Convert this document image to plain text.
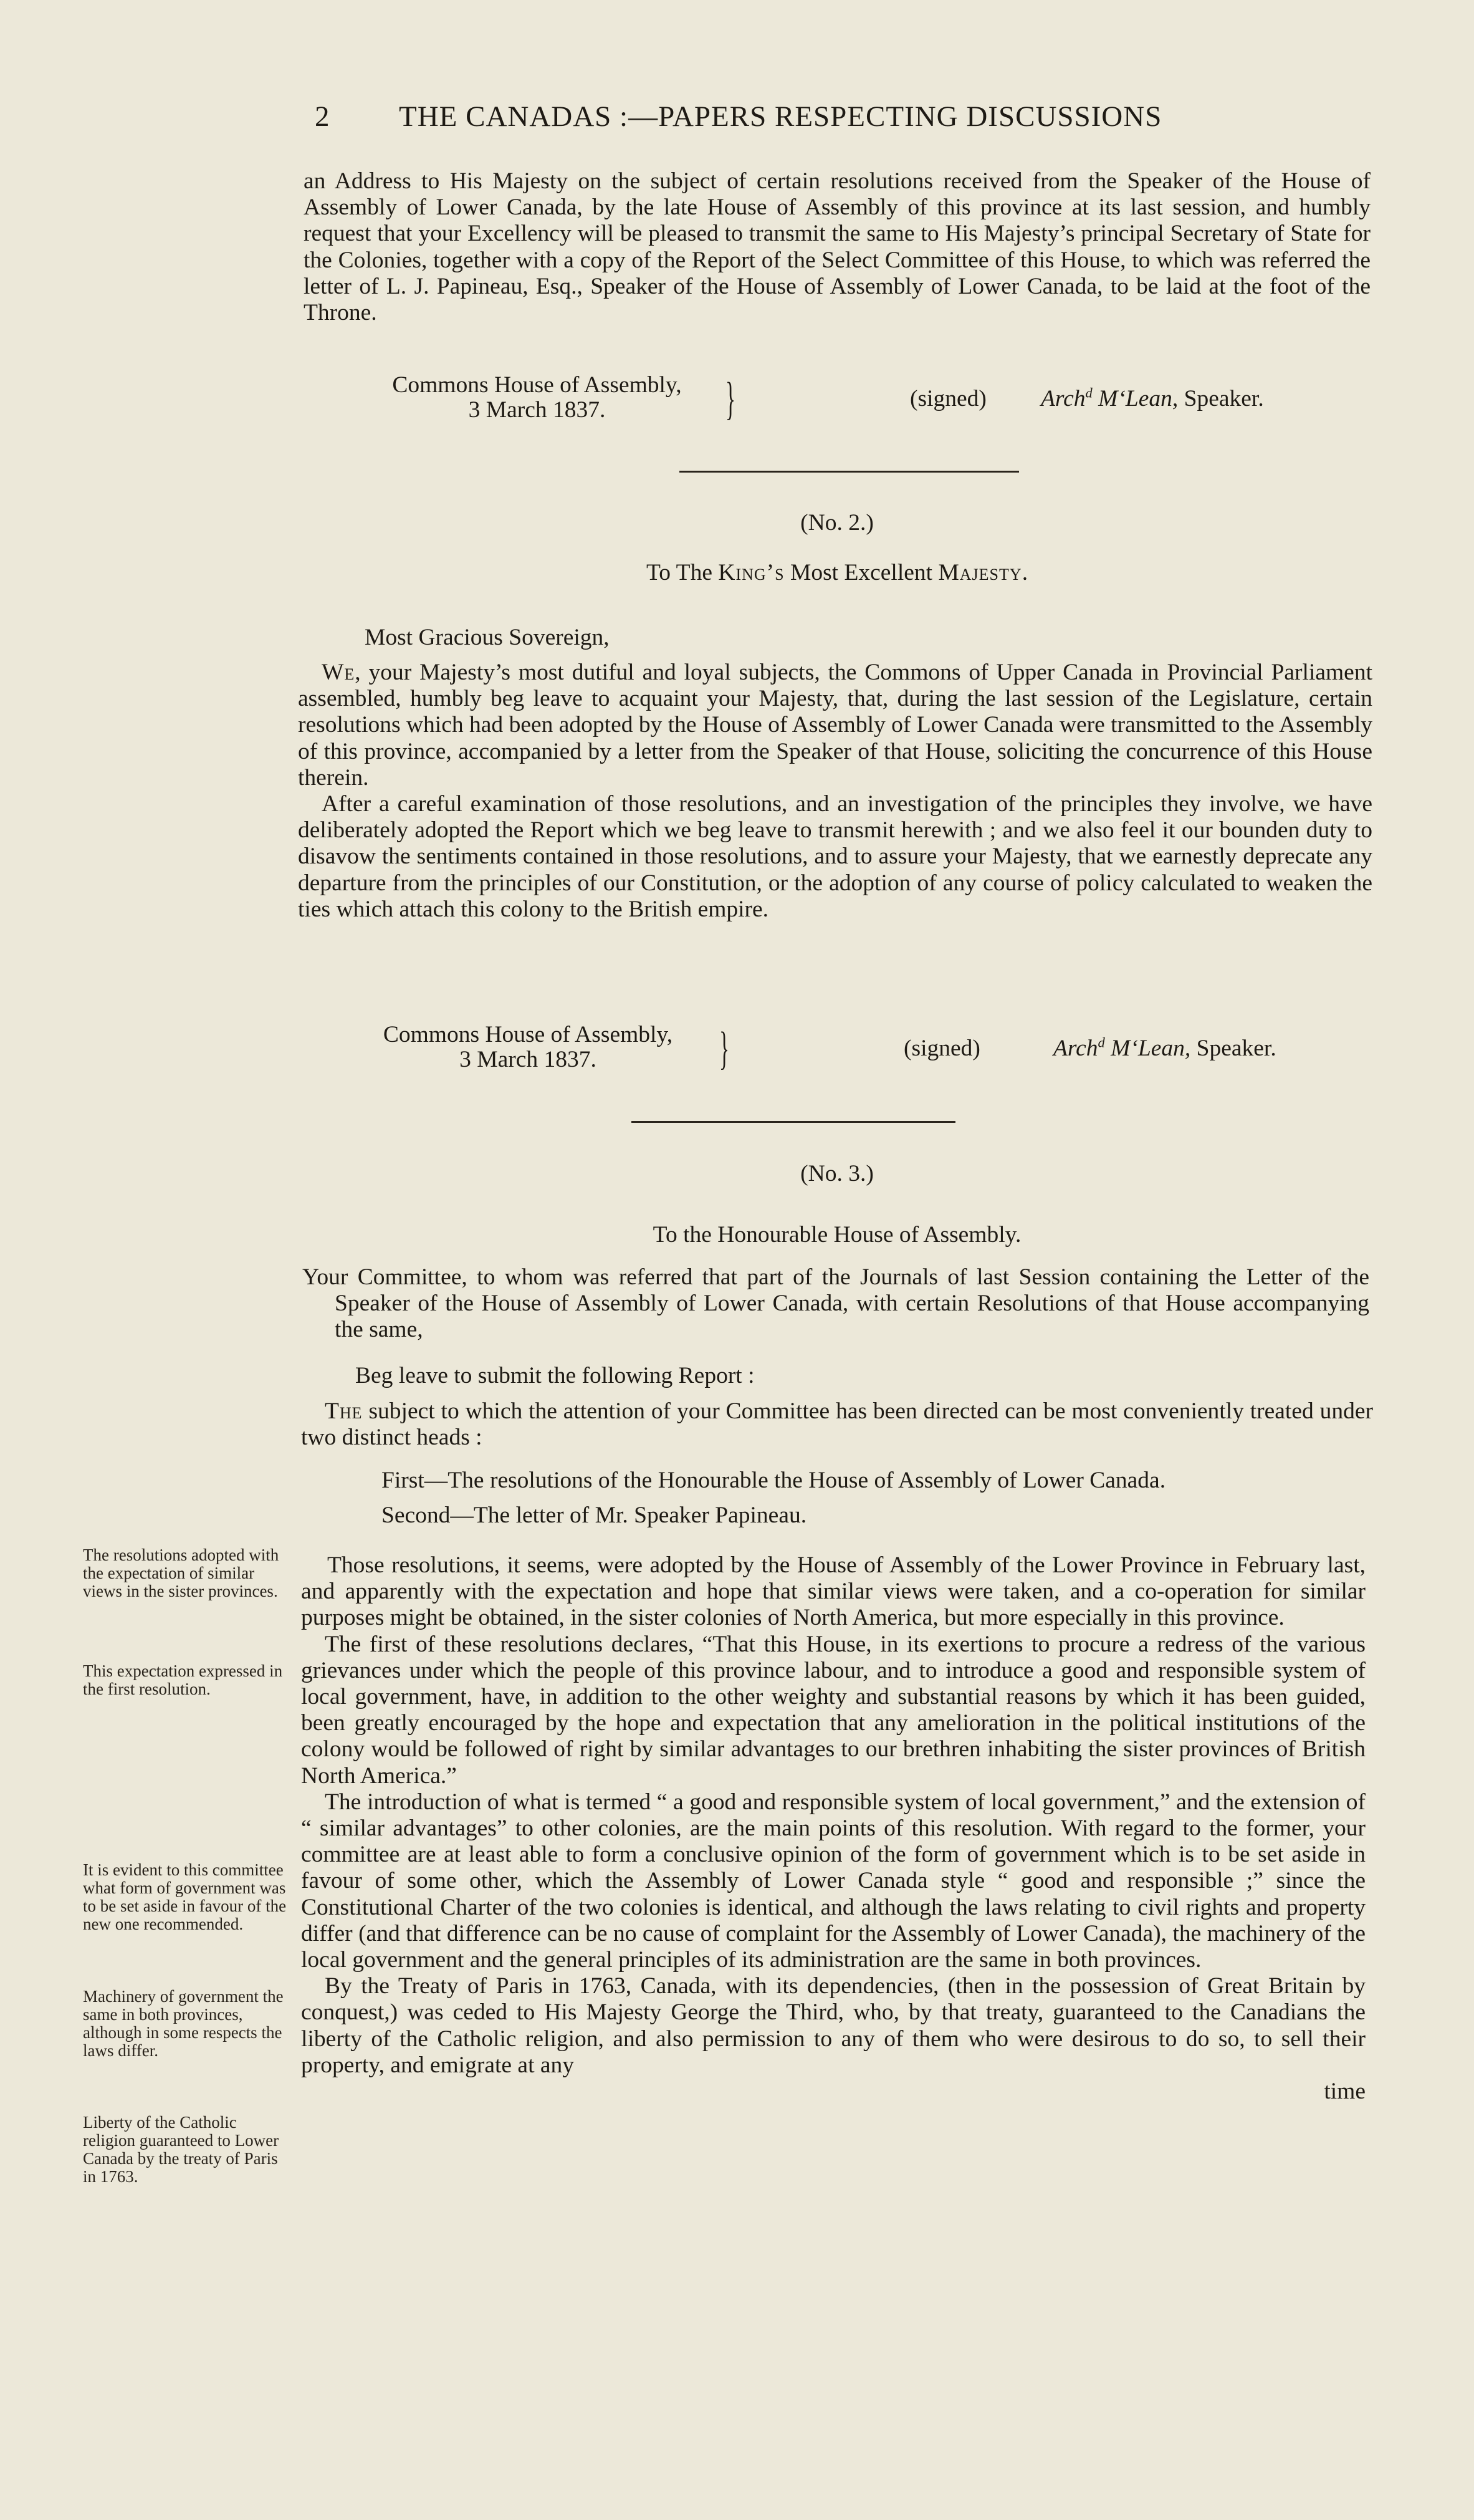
2 THE CANADAS :—PAPERS RESPECTING DISCUSSIONS

an Address to His Majesty on the subject of certain resolutions received from the Speaker of the House of Assembly of Lower Canada, by the late House of Assembly of this province at its last session, and humbly request that your Excellency will be pleased to transmit the same to His Majesty’s principal Secretary of State for the Colonies, together with a copy of the Report of the Select Committee of this House, to which was referred the letter of L. J. Papineau, Esq., Speaker of the House of Assembly of Lower Canada, to be laid at the foot of the Throne.

Commons House of Assembly,
3 March 1837.	}	(signed) Arch$^d$ M‘Lean, Speaker.
(No. 2.)
To The King’s Most Excellent Majesty.
Most Gracious Sovereign,

We, your Majesty’s most dutiful and loyal subjects, the Commons of Upper Canada in Provincial Parliament assembled, humbly beg leave to acquaint your Majesty, that, during the last session of the Legislature, certain resolutions which had been adopted by the House of Assembly of Lower Canada were transmitted to the Assembly of this province, accompanied by a letter from the Speaker of that House, soliciting the concurrence of this House therein.

After a careful examination of those resolutions, and an investigation of the principles they involve, we have deliberately adopted the Report which we beg leave to transmit herewith ; and we also feel it our bounden duty to disavow the sentiments contained in those resolutions, and to assure your Majesty, that we earnestly deprecate any departure from the principles of our Constitution, or the adoption of any course of policy calculated to weaken the ties which attach this colony to the British empire.

Commons House of Assembly,
3 March 1837.	}	(signed)	Arch$^d$ M‘Lean, Speaker.
(No. 3.)
To the Honourable House of Assembly.

Your Committee, to whom was referred that part of the Journals of last Session containing the Letter of the Speaker of the House of Assembly of Lower Canada, with certain Resolutions of that House accompanying the same,

Beg leave to submit the following Report :

The subject to which the attention of your Committee has been directed can be most conveniently treated under two distinct heads :

First—The resolutions of the Honourable the House of Assembly of Lower Canada.
Second—The letter of Mr. Speaker Papineau.

Those resolutions, it seems, were adopted by the House of Assembly of the Lower Province in February last, and apparently with the expectation and hope that similar views were taken, and a co-operation for similar purposes might be obtained, in the sister colonies of North America, but more especially in this province.

The first of these resolutions declares, “That this House, in its exertions to procure a redress of the various grievances under which the people of this province labour, and to introduce a good and responsible system of local government, have, in addition to the other weighty and substantial reasons by which it has been guided, been greatly encouraged by the hope and expectation that any amelioration in the political institutions of the colony would be followed of right by similar advantages to our brethren inhabiting the sister provinces of British North America.”

The introduction of what is termed “ a good and responsible system of local government,” and the extension of “ similar advantages” to other colonies, are the main points of this resolution. With regard to the former, your committee are at least able to form a conclusive opinion of the form of government which is to be set aside in favour of some other, which the Assembly of Lower Canada style “ good and responsible ;” since the Constitutional Charter of the two colonies is identical, and although the laws relating to civil rights and property differ (and that difference can be no cause of complaint for the Assembly of Lower Canada), the machinery of the local government and the general principles of its administration are the same in both provinces.

By the Treaty of Paris in 1763, Canada, with its dependencies, (then in the possession of Great Britain by conquest,) was ceded to His Majesty George the Third, who, by that treaty, guaranteed to the Canadians the liberty of the Catholic religion, and also permission to any of them who were desirous to do so, to sell their property, and emigrate at any

time
The resolutions adopted with the expectation of similar views in the sister provinces.
This expectation expressed in the first resolution.
It is evident to this committee what form of government was to be set aside in favour of the new one recommended.
Machinery of government the same in both provinces, although in some respects the laws differ.
Liberty of the Catholic religion guaranteed to Lower Canada by the treaty of Paris in 1763.
